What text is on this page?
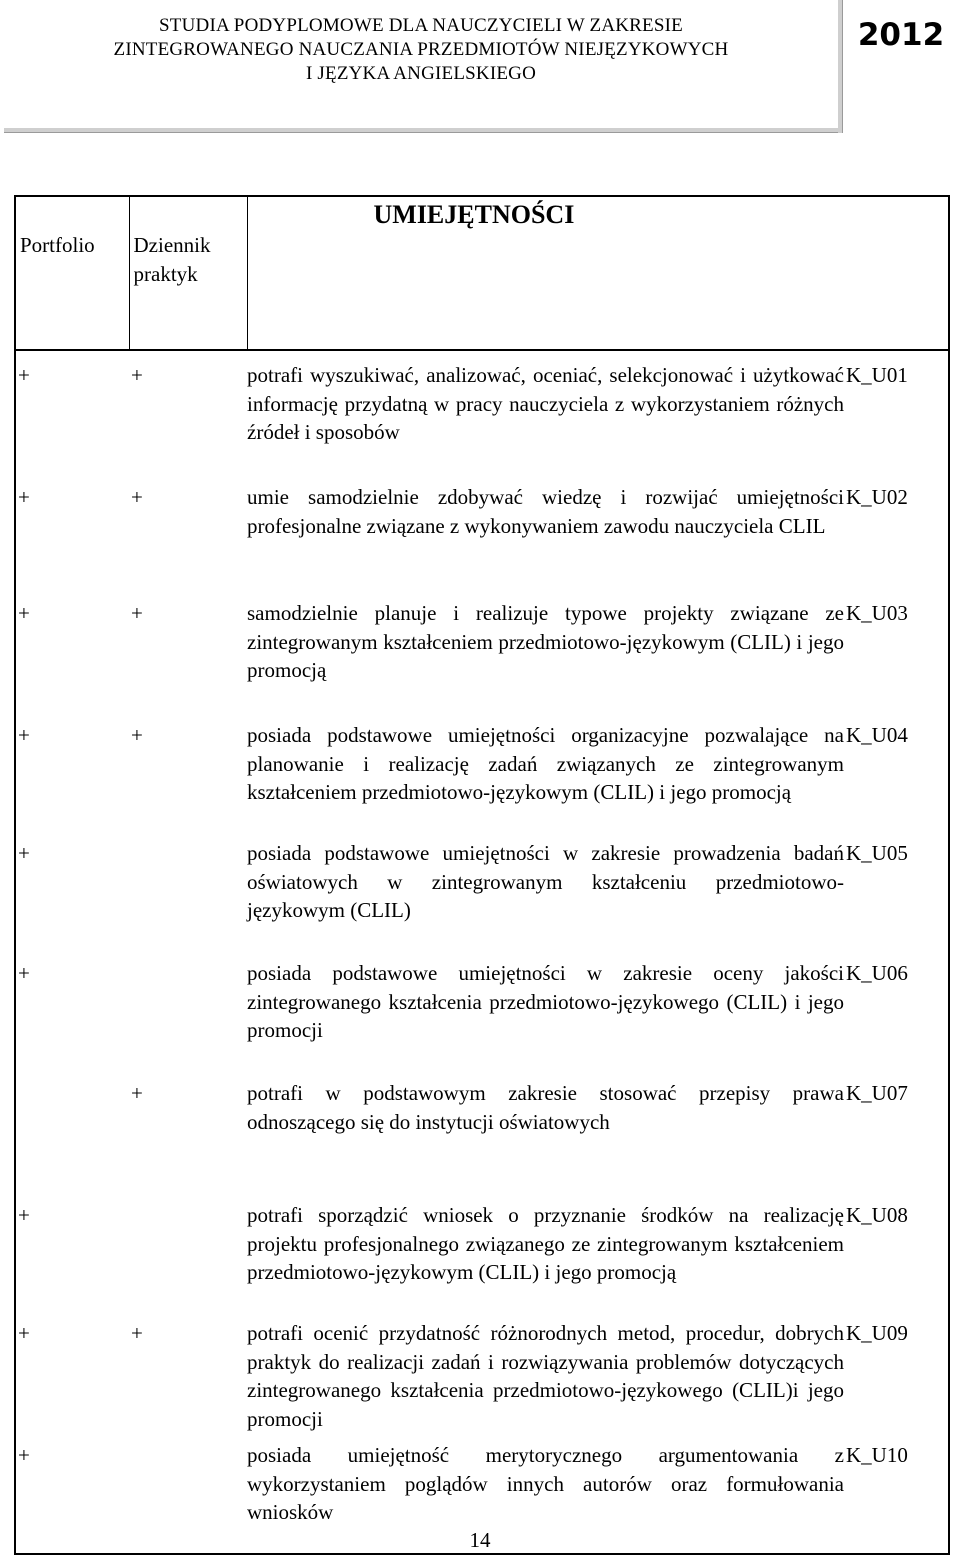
STUDIA PODYPLOMOWE DLA NAUCZYCIELI W ZAKRESIE
ZINTEGROWANEGO NAUCZANIA PRZEDMIOTÓW NIEJĘZYKOWYCH
I JĘZYKA ANGIELSKIEGO
2012
Portfolio	Dziennik praktyk	UMIEJĘTNOŚCI	
+	+	potrafi wyszukiwać, analizować, oceniać, selekcjonować i użytkować informację przydatną w pracy nauczyciela z wykorzystaniem różnych źródeł i sposobów	K_U01
+	+	umie samodzielnie zdobywać wiedzę i rozwijać umiejętności profesjonalne związane z wykonywaniem zawodu nauczyciela CLIL	K_U02
+	+	samodzielnie planuje i realizuje typowe projekty związane ze zintegrowanym kształceniem przedmiotowo-językowym (CLIL) i jego promocją	K_U03
+	+	posiada podstawowe umiejętności organizacyjne pozwalające na planowanie i realizację zadań związanych ze zintegrowanym kształceniem przedmiotowo-językowym (CLIL) i jego promocją	K_U04
+		posiada podstawowe umiejętności w zakresie prowadzenia badań oświatowych w zintegrowanym kształceniu przedmiotowo-językowym (CLIL)	K_U05
+		posiada podstawowe umiejętności w zakresie oceny jakości zintegrowanego kształcenia przedmiotowo-językowego (CLIL) i jego promocji	K_U06
	+	potrafi w podstawowym zakresie stosować przepisy prawa odnoszącego się do instytucji oświatowych	K_U07
+		potrafi sporządzić wniosek o przyznanie środków na realizację projektu profesjonalnego związanego ze zintegrowanym kształceniem przedmiotowo-językowym (CLIL) i jego promocją	K_U08
+	+	potrafi ocenić przydatność różnorodnych metod, procedur, dobrych praktyk do realizacji zadań i rozwiązywania problemów dotyczących zintegrowanego kształcenia przedmiotowo-językowego (CLIL)i jego promocji	K_U09
+		posiada umiejętność merytorycznego argumentowania z wykorzystaniem poglądów innych autorów oraz formułowania wniosków	K_U10
14
